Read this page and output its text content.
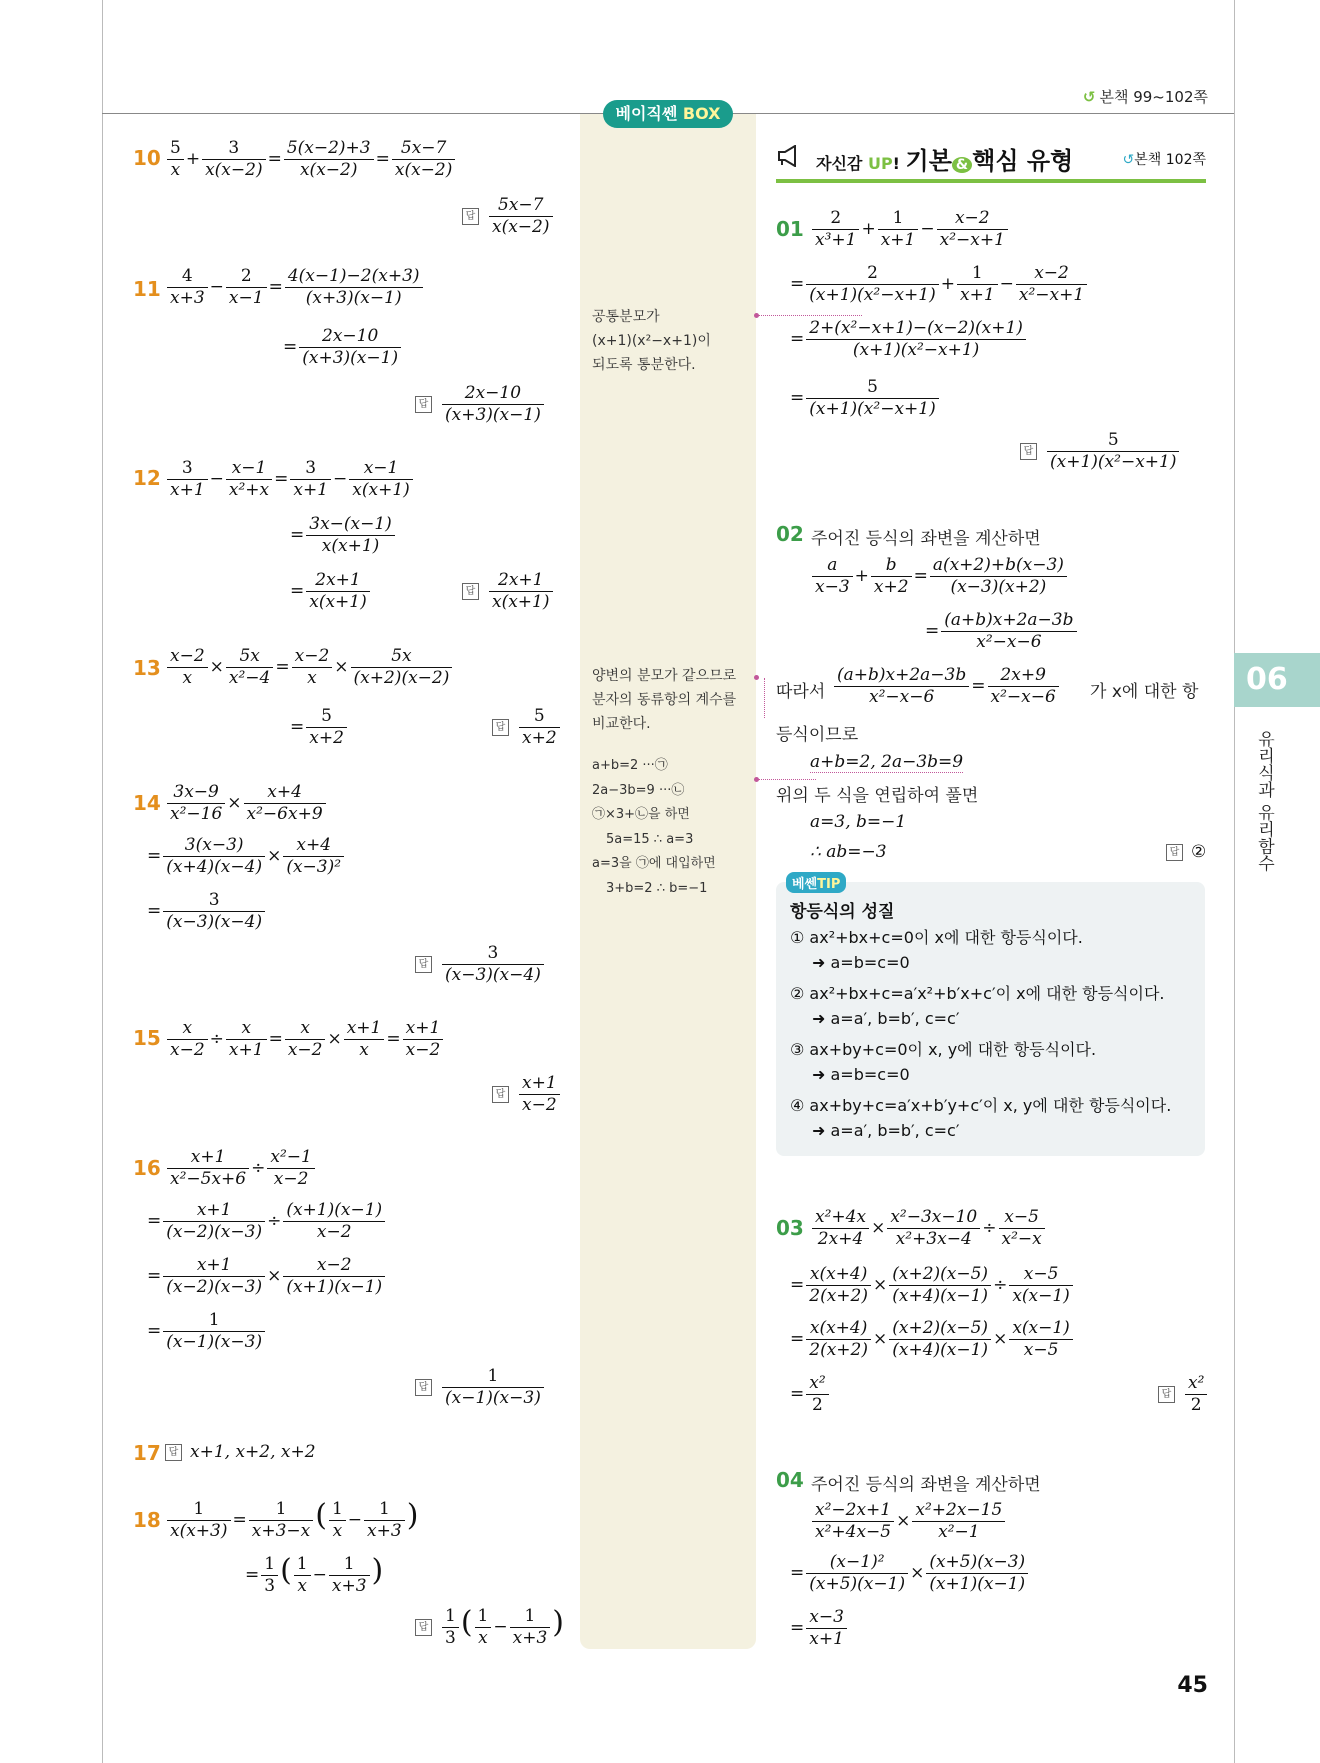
↺ 본책 99~102쪽
베이직쎈 BOX
$10 \frac{5}{x} + \frac{3}{x(x-2)} = \frac{5(x-2)+3}{x(x-2)} = \frac{5x-7}{x(x-2)}$
답 $\frac{5x-7}{x(x-2)}$
$11 \frac{4}{x+3} - \frac{2}{x-1} = \frac{4(x-1)-2(x+3)}{(x+3)(x-1)}$
= $\frac{2x-10}{(x+3)(x-1)}$
답 $\frac{2x-10}{(x+3)(x-1)}$
$12 \frac{3}{x+1} - \frac{x-1}{\text{x²+x}} = \frac{3}{x+1} - \frac{x-1}{x(x+1)}$
= $\frac{3x-(x-1)}{x(x+1)}$
= $\frac{2x+1}{x(x+1)}$	답 $\frac{2x+1}{x(x+1)}$
$13 \frac{x-2}{x} \times \frac{5x}{\text{x²−4}} = \frac{x-2}{x} \times \frac{5x}{(x+2)(x-2)}$
= $\frac{5}{x+2}$	답 $\frac{5}{x+2}$
$14 \frac{3x-9}{\text{x²−16}} \times \frac{x+4}{\text{x²−6x+9}}$
= $\frac{3(x-3)}{(x+4)(x-4)} \times \frac{x+4}{\text{(x−3)²}}$
= $\frac{3}{(x-3)(x-4)}$
답 $\frac{3}{(x-3)(x-4)}$
$15 \frac{x}{x-2} \div \frac{x}{x+1} = \frac{x}{x-2} \times \frac{x+1}{x} = \frac{x+1}{x-2}$
답 $\frac{x+1}{x-2}$
$16 \frac{x+1}{\text{x²−5x+6}} \div \frac{\text{x²−1}}{x-2}$
= $\frac{x+1}{(x-2)(x-3)} \div \frac{(x+1)(x-1)}{x-2}$
= $\frac{x+1}{(x-2)(x-3)} \times \frac{x-2}{(x+1)(x-1)}$
= $\frac{1}{(x-1)(x-3)}$
답 $\frac{1}{(x-1)(x-3)}$
17 답 x+1, x+2, x+2
$18 \frac{1}{x(x+3)} = \frac{1}{x+3-x}$ ( $\frac{1}{x} - \frac{1}{x+3}$ )
= $\frac{1}{3}$ ( $\frac{1}{x} - \frac{1}{x+3}$ )
답 $\frac{1}{3}$ ( $\frac{1}{x} - \frac{1}{x+3}$ )
공통분모가
(x+1)(x²−x+1)이
되도록 통분한다.
양변의 분모가 같으므로
분자의 동류항의 계수를
비교한다.
a+b=2 ···㉠
2a−3b=9 ···㉡
㉠×3+㉡을 하면
5a=15 ∴ a=3
a=3을 ㉠에 대입하면
3+b=2 ∴ b=−1
자신감 UP! 기본 & 핵심 유형	↺본책 102쪽
$01 \frac{2}{\text{x³+1}} + \frac{1}{x+1} - \frac{x-2}{\text{x²−x+1}}$
= $\frac{2}{\text{(x+1)(x²−x+1)}} + \frac{1}{x+1} - \frac{x-2}{\text{x²−x+1}}$
= $\frac{\text{2+(x²−x+1)−(x−2)(x+1)}}{\text{(x+1)(x²−x+1)}}$
= $\frac{5}{\text{(x+1)(x²−x+1)}}$
답 $\frac{5}{\text{(x+1)(x²−x+1)}}$
02 주어진 등식의 좌변을 계산하면
$\frac{a}{x-3} + \frac{b}{x+2} = \frac{a(x+2)+b(x-3)}{(x-3)(x+2)}$
= $\frac{(a+b)x+2a-3b}{\text{x²−x−6}}$
따라서 $\frac{(a+b)x+2a-3b}{\text{x²−x−6}} = \frac{2x+9}{\text{x²−x−6}}$ 가 x에 대한 항
등식이므로
a+b=2, 2a−3b=9
위의 두 식을 연립하여 풀면
a=3, b=−1
∴ ab=−3	답 ②
베쎈TIP
항등식의 성질
① ax²+bx+c=0이 x에 대한 항등식이다.
➜ a=b=c=0
② ax²+bx+c=a′x²+b′x+c′이 x에 대한 항등식이다.
➜ a=a′, b=b′, c=c′
③ ax+by+c=0이 x, y에 대한 항등식이다.
➜ a=b=c=0
④ ax+by+c=a′x+b′y+c′이 x, y에 대한 항등식이다.
➜ a=a′, b=b′, c=c′
$03 \frac{\text{x²+4x}}{2x+4} \times \frac{\text{x²−3x−10}}{\text{x²+3x−4}} \div \frac{x-5}{\text{x²−x}}$
= $\frac{x(x+4)}{2(x+2)} \times \frac{(x+2)(x-5)}{(x+4)(x-1)} \div \frac{x-5}{x(x-1)}$
= $\frac{x(x+4)}{2(x+2)} \times \frac{(x+2)(x-5)}{(x+4)(x-1)} \times \frac{x(x-1)}{x-5}$
= $\frac{\text{x²}}{2}$	답 $\frac{\text{x²}}{2}$
04 주어진 등식의 좌변을 계산하면
$\frac{\text{x²−2x+1}}{\text{x²+4x−5}} \times \frac{\text{x²+2x−15}}{\text{x²−1}}$
= $\frac{\text{(x−1)²}}{(x+5)(x-1)} \times \frac{(x+5)(x-3)}{(x+1)(x-1)}$
= $\frac{x-3}{x+1}$
06
유리식과 유리함수
45
